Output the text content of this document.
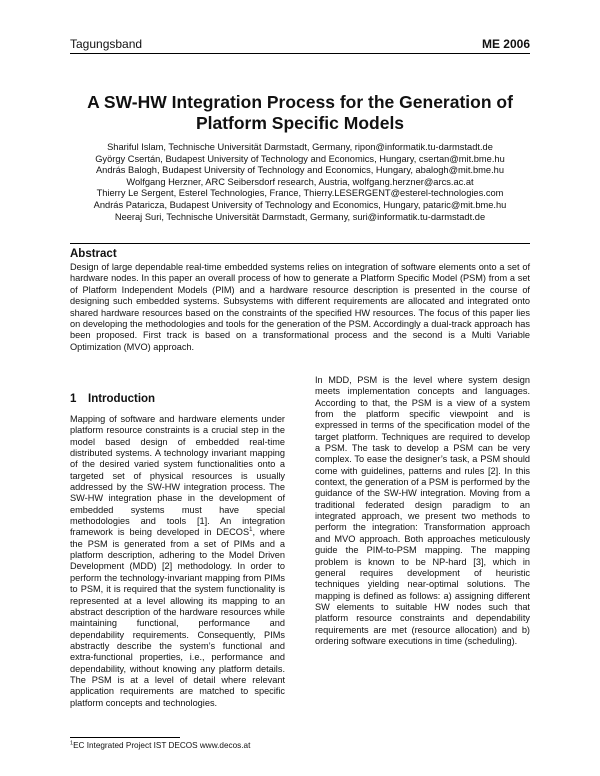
Tagungsband	ME 2006
A SW-HW Integration Process for the Generation of
Platform Specific Models
Shariful Islam, Technische Universität Darmstadt, Germany, ripon@informatik.tu-darmstadt.de
György Csertán, Budapest University of Technology and Economics, Hungary, csertan@mit.bme.hu
András Balogh, Budapest University of Technology and Economics, Hungary, abalogh@mit.bme.hu
Wolfgang Herzner, ARC Seibersdorf research, Austria, wolfgang.herzner@arcs.ac.at
Thierry Le Sergent, Esterel Technologies, France, Thierry.LESERGENT@esterel-technologies.com
András Pataricza, Budapest University of Technology and Economics, Hungary, pataric@mit.bme.hu
Neeraj Suri, Technische Universität Darmstadt, Germany, suri@informatik.tu-darmstadt.de
Abstract
Design of large dependable real-time embedded systems relies on integration of software elements onto a set of hardware nodes. In this paper an overall process of how to generate a Platform Specific Model (PSM) from a set of Platform Independent Models (PIM) and a hardware resource description is presented in the course of designing such embedded systems. Subsystems with different requirements are allocated and integrated onto shared hardware resources based on the constraints of the specified HW resources. The focus of this paper lies on developing the methodologies and tools for the generation of the PSM. Accordingly a dual-track approach has been proposed. First track is based on a transformational process and the second is a Multi Variable Optimization (MVO) approach.
1 Introduction

Mapping of software and hardware elements under platform resource constraints is a crucial step in the model based design of embedded real-time distributed systems. A technology invariant mapping of the desired varied system functionalities onto a targeted set of physical resources is usually addressed by the SW-HW integration process. The SW-HW integration phase in the development of embedded systems must have special methodologies and tools [1]. An integration framework is being developed in DECOS$^1$, where the PSM is generated from a set of PIMs and a platform description, adhering to the Model Driven Development (MDD) [2] methodology. In order to perform the technology-invariant mapping from PIMs to PSM, it is required that the system functionality is represented at a level allowing its mapping to an abstract description of the hardware resources while maintaining functional, performance and dependability requirements. Consequently, PIMs abstractly describe the system’s functional and extra-functional properties, i.e., performance and dependability, without knowing any platform details. The PSM is at a level of detail where relevant application requirements are matched to specific platform concepts and technologies.

In MDD, PSM is the level where system design meets implementation concepts and languages. According to that, the PSM is a view of a system from the platform specific viewpoint and is expressed in terms of the specification model of the target platform. Techniques are required to develop a PSM. The task to develop a PSM can be very complex. To ease the designer’s task, a PSM should come with guidelines, patterns and rules [2]. In this context, the generation of a PSM is performed by the guidance of the SW-HW integration. Moving from a traditional federated design paradigm to an integrated approach, we present two methods to perform the integration: Transformation approach and MVO approach. Both approaches meticulously guide the PIM-to-PSM mapping. The mapping problem is known to be NP-hard [3], which in general requires development of heuristic techniques yielding near-optimal solutions. The mapping is defined as follows: a) assigning different SW elements to suitable HW nodes such that platform resource constraints and dependability requirements are met (resource allocation) and b) ordering software executions in time (scheduling).

$^1$EC Integrated Project IST DECOS www.decos.at
